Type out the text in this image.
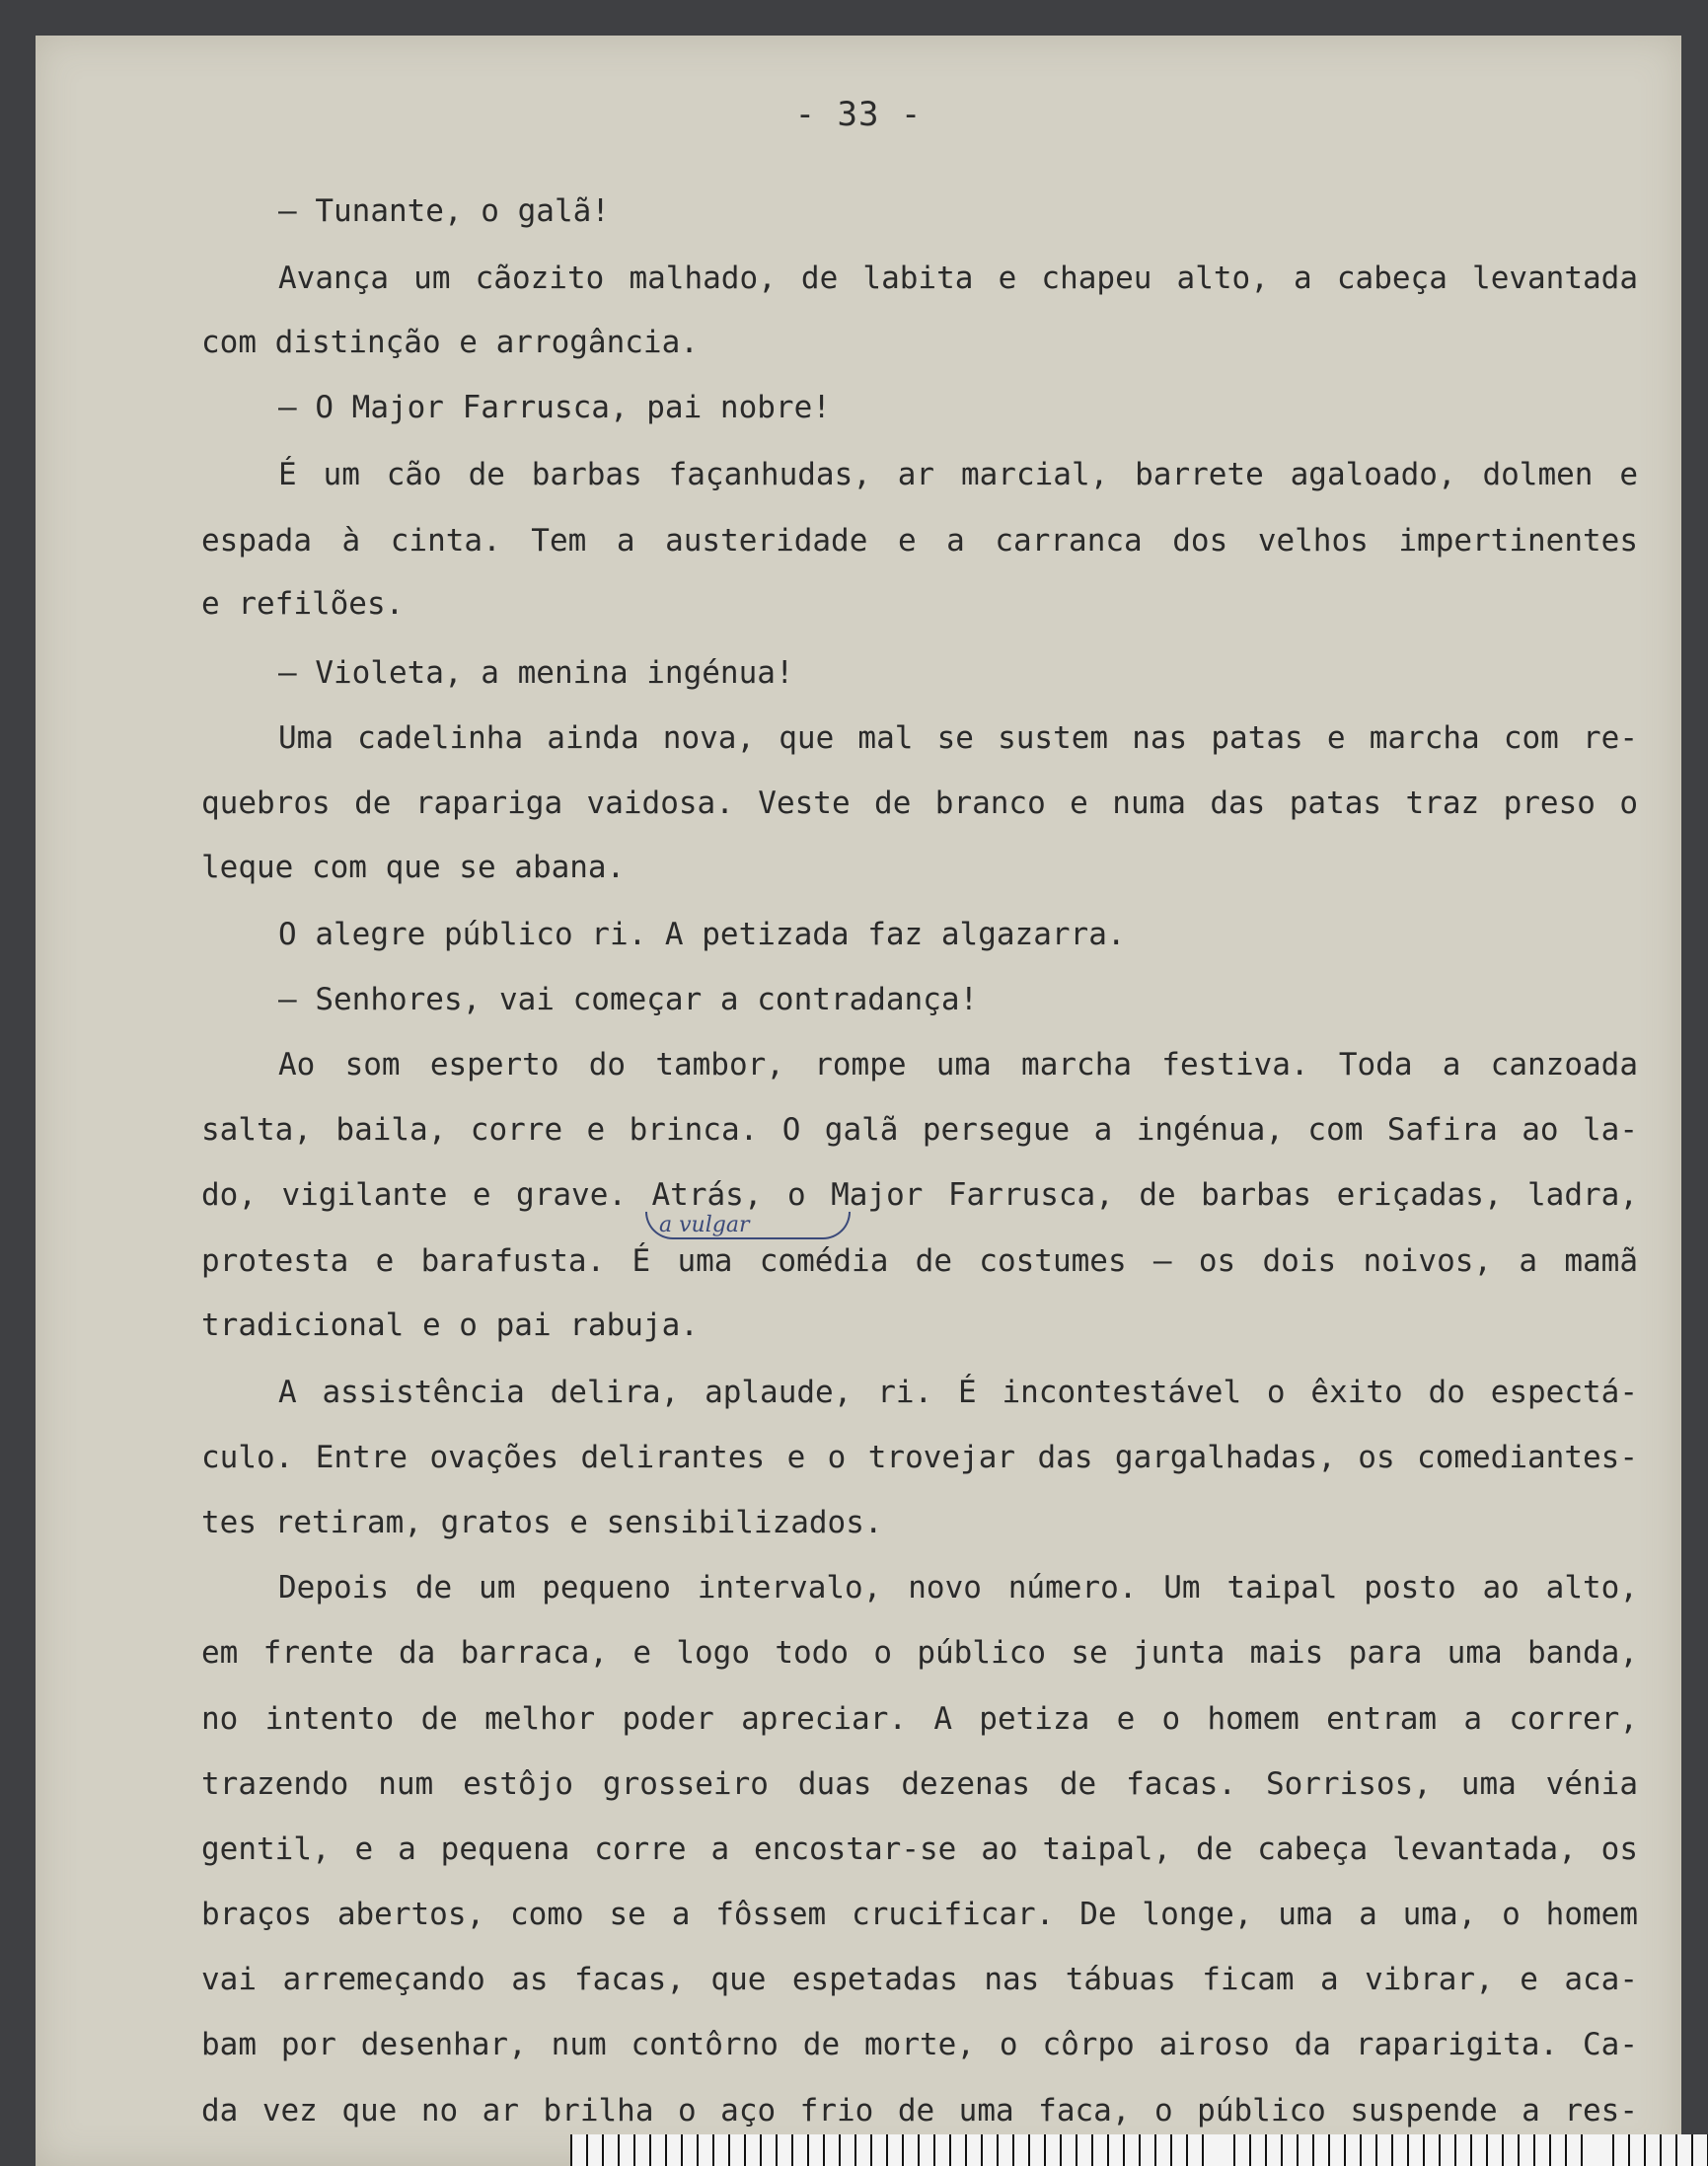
- 33 -
— Tunante, o galã!
Avança um cãozito malhado, de labita e chapeu alto, a cabeça levantada
com distinção e arrogância.
— O Major Farrusca, pai nobre!
É um cão de barbas façanhudas, ar marcial, barrete agaloado, dolmen e
espada à cinta. Tem a austeridade e a carranca dos velhos impertinentes
e refilões.
— Violeta, a menina ingénua!
Uma cadelinha ainda nova, que mal se sustem nas patas e marcha com re-
quebros de rapariga vaidosa. Veste de branco e numa das patas traz preso o
leque com que se abana.
O alegre público ri. A petizada faz algazarra.
— Senhores, vai começar a contradança!
Ao som esperto do tambor, rompe uma marcha festiva. Toda a canzoada
salta, baila, corre e brinca. O galã persegue a ingénua, com Safira ao la-
do, vigilante e grave. Atrás, o Major Farrusca, de barbas eriçadas, ladra,
a vulgar
protesta e barafusta. É uma comédia de costumes — os dois noivos, a mamã
tradicional e o pai rabuja.
A assistência delira, aplaude, ri. É incontestável o êxito do espectá-
culo. Entre ovações delirantes e o trovejar das gargalhadas, os comediantes-
tes retiram, gratos e sensibilizados.
Depois de um pequeno intervalo, novo número. Um taipal posto ao alto,
em frente da barraca, e logo todo o público se junta mais para uma banda,
no intento de melhor poder apreciar. A petiza e o homem entram a correr,
trazendo num estôjo grosseiro duas dezenas de facas. Sorrisos, uma vénia
gentil, e a pequena corre a encostar-se ao taipal, de cabeça levantada, os
braços abertos, como se a fôssem crucificar. De longe, uma a uma, o homem
vai arremeçando as facas, que espetadas nas tábuas ficam a vibrar, e aca-
bam por desenhar, num contôrno de morte, o côrpo airoso da raparigita. Ca-
da vez que no ar brilha o aço frio de uma faca, o público suspende a res-
